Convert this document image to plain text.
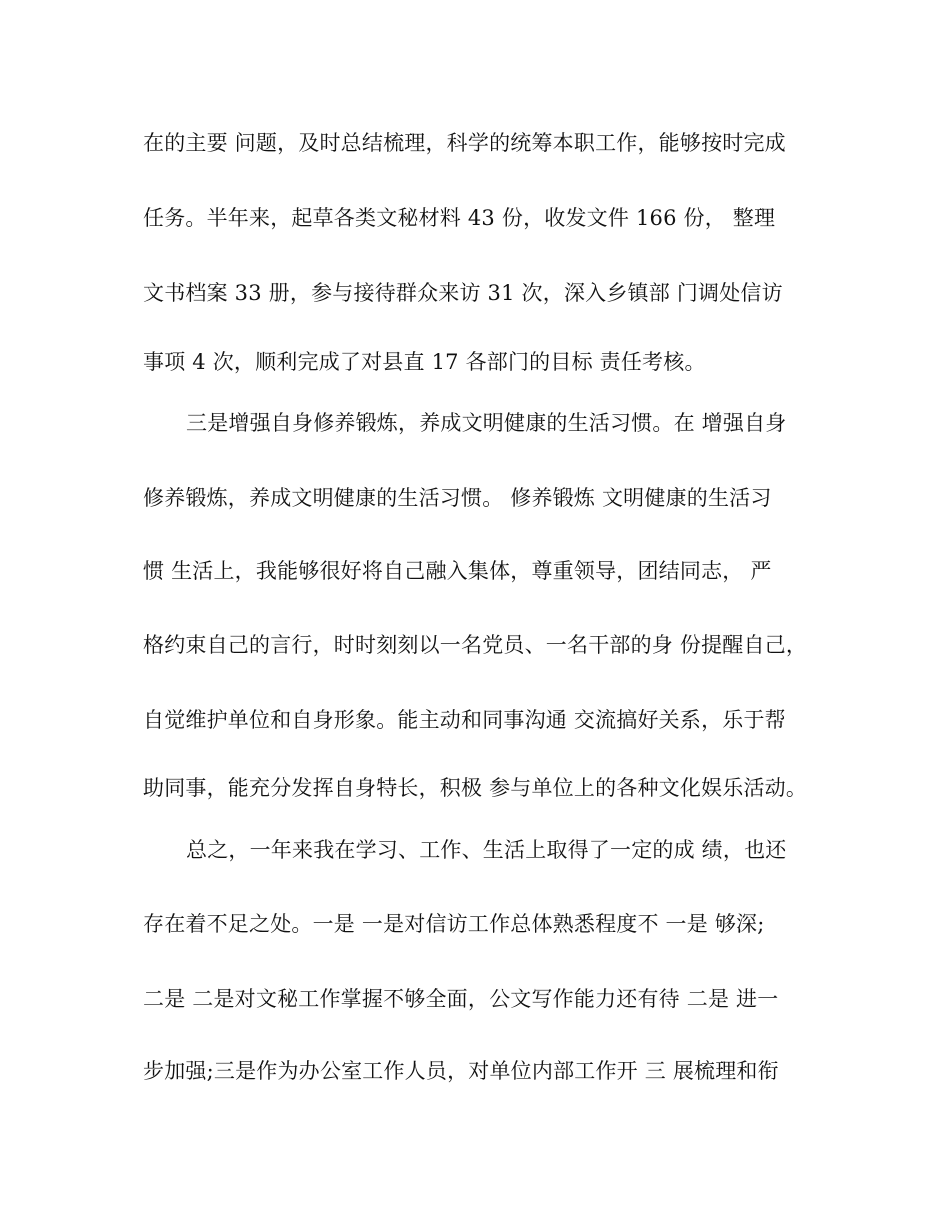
在的主要 问题，及时总结梳理，科学的统筹本职工作，能够按时完成
任务。半年来，起草各类文秘材料 43 份，收发文件 166 份， 整理
文书档案 33 册，参与接待群众来访 31 次，深入乡镇部 门调处信访
事项 4 次，顺利完成了对县直 17 各部门的目标 责任考核。
三是增强自身修养锻炼，养成文明健康的生活习惯。在 增强自身
修养锻炼，养成文明健康的生活习惯。 修养锻炼 文明健康的生活习
惯 生活上，我能够很好将自己融入集体，尊重领导，团结同志， 严
格约束自己的言行，时时刻刻以一名党员、一名干部的身 份提醒自己，
自觉维护单位和自身形象。能主动和同事沟通 交流搞好关系，乐于帮
助同事，能充分发挥自身特长，积极 参与单位上的各种文化娱乐活动。
总之，一年来我在学习、工作、生活上取得了一定的成 绩，也还
存在着不足之处。一是 一是对信访工作总体熟悉程度不 一是 够深;
二是 二是对文秘工作掌握不够全面，公文写作能力还有待 二是 进一
步加强;三是作为办公室工作人员，对单位内部工作开 三 展梳理和衔
